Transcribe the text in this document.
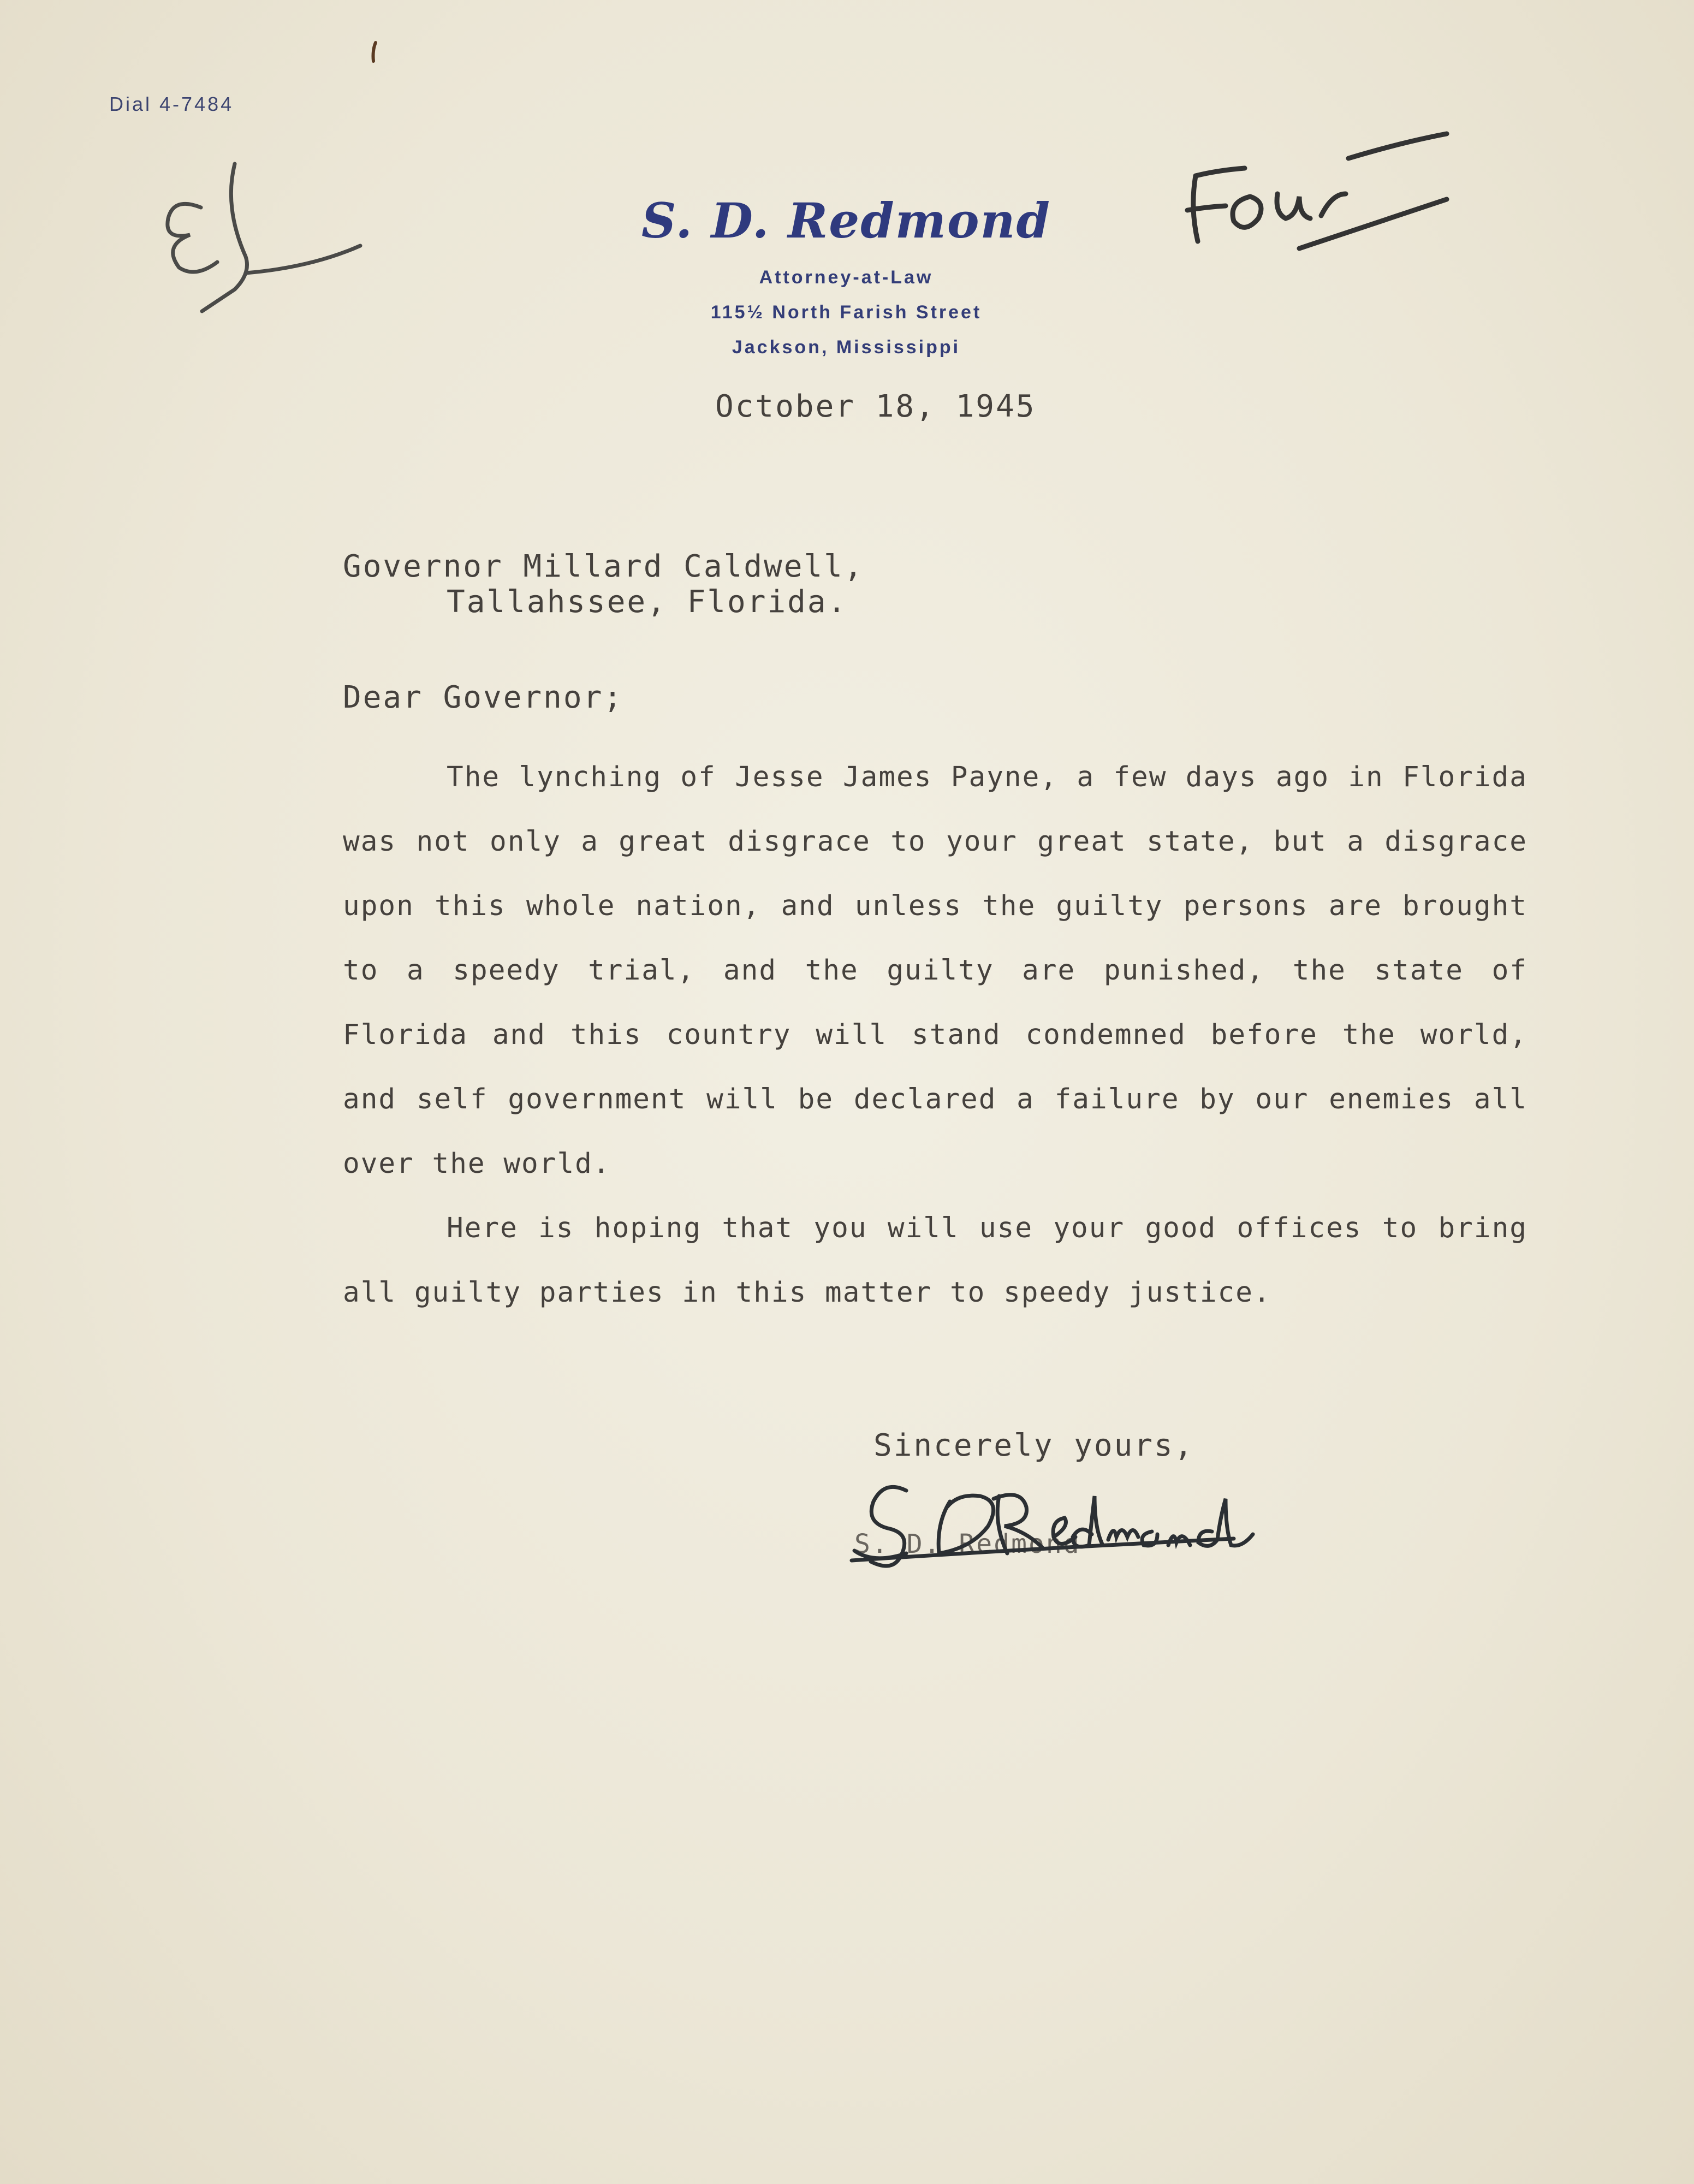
Dial 4-7484
S. D. Redmond
Attorney-at-Law
115½ North Farish Street
Jackson, Mississippi
October 18, 1945
Governor Millard Caldwell,
Tallahssee, Florida.
Dear Governor;

The lynching of Jesse James Payne, a few days ago in Florida was not only a great disgrace to your great state, but a disgrace upon this whole nation, and unless the guilty persons are brought to a speedy trial, and the guilty are punished, the state of Florida and this country will stand condemned before the world, and self government will be declared a failure by our enemies all over the world.

Here is hoping that you will use your good offices to bring all guilty parties in this matter to speedy justice.

Sincerely yours,
S. D. Redmond
